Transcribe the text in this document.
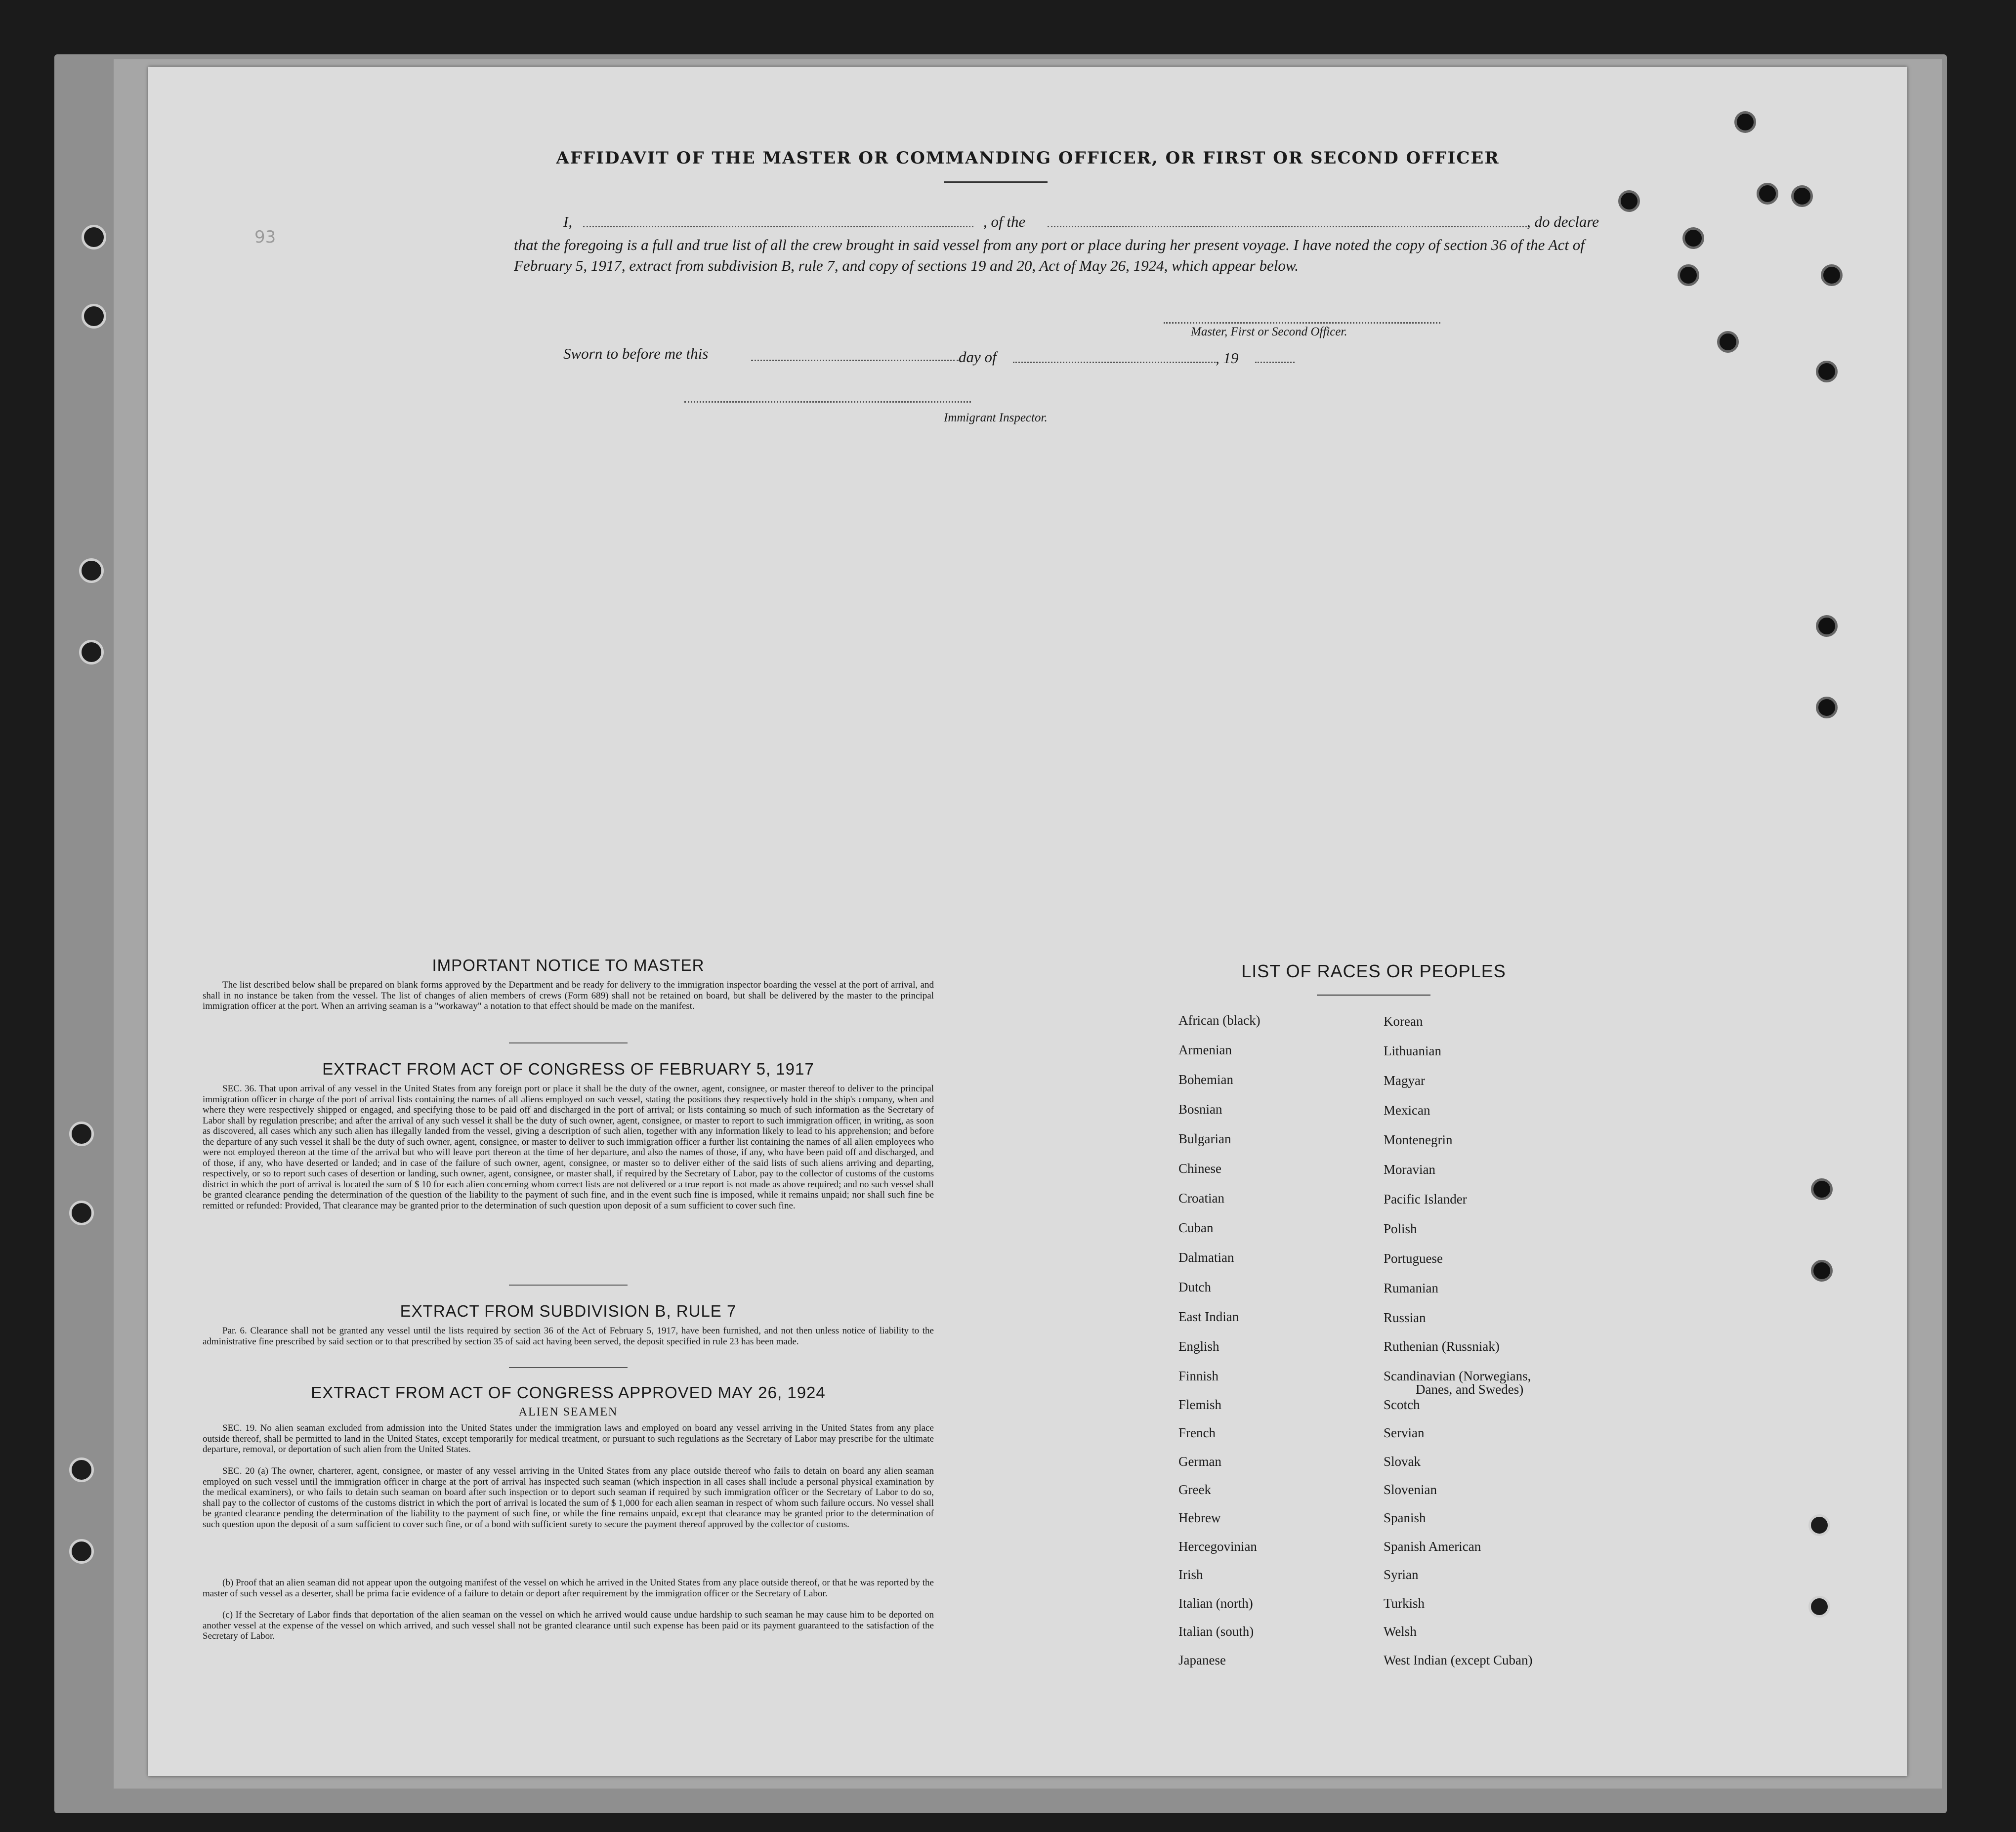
93
AFFIDAVIT OF THE MASTER OR COMMANDING OFFICER, OR FIRST OR SECOND OFFICER
I,	, of the	, do declare
that the foregoing is a full and true list of all the crew brought in said vessel from any port or place during her present voyage. I have noted the copy of section 36 of the Act of February 5, 1917, extract from subdivision B, rule 7, and copy of sections 19 and 20, Act of May 26, 1924, which appear below.
Master, First or Second Officer.
Sworn to before me this	day of	, 19
Immigrant Inspector.
IMPORTANT NOTICE TO MASTER
The list described below shall be prepared on blank forms approved by the Department and be ready for delivery to the immigration inspector boarding the vessel at the port of arrival, and shall in no instance be taken from the vessel. The list of changes of alien members of crews (Form 689) shall not be retained on board, but shall be delivered by the master to the principal immigration officer at the port. When an arriving seaman is a "workaway" a notation to that effect should be made on the manifest.
EXTRACT FROM ACT OF CONGRESS OF FEBRUARY 5, 1917
SEC. 36. That upon arrival of any vessel in the United States from any foreign port or place it shall be the duty of the owner, agent, consignee, or master thereof to deliver to the principal immigration officer in charge of the port of arrival lists containing the names of all aliens employed on such vessel, stating the positions they respectively hold in the ship's company, when and where they were respectively shipped or engaged, and specifying those to be paid off and discharged in the port of arrival; or lists containing so much of such information as the Secretary of Labor shall by regulation prescribe; and after the arrival of any such vessel it shall be the duty of such owner, agent, consignee, or master to report to such immigration officer, in writing, as soon as discovered, all cases which any such alien has illegally landed from the vessel, giving a description of such alien, together with any information likely to lead to his apprehension; and before the departure of any such vessel it shall be the duty of such owner, agent, consignee, or master to deliver to such immigration officer a further list containing the names of all alien employees who were not employed thereon at the time of the arrival but who will leave port thereon at the time of her departure, and also the names of those, if any, who have been paid off and discharged, and of those, if any, who have deserted or landed; and in case of the failure of such owner, agent, consignee, or master so to deliver either of the said lists of such aliens arriving and departing, respectively, or so to report such cases of desertion or landing, such owner, agent, consignee, or master shall, if required by the Secretary of Labor, pay to the collector of customs of the customs district in which the port of arrival is located the sum of $ 10 for each alien concerning whom correct lists are not delivered or a true report is not made as above required; and no such vessel shall be granted clearance pending the determination of the question of the liability to the payment of such fine, and in the event such fine is imposed, while it remains unpaid; nor shall such fine be remitted or refunded: Provided, That clearance may be granted prior to the determination of such question upon deposit of a sum sufficient to cover such fine.
EXTRACT FROM SUBDIVISION B, RULE 7
Par. 6. Clearance shall not be granted any vessel until the lists required by section 36 of the Act of February 5, 1917, have been furnished, and not then unless notice of liability to the administrative fine prescribed by said section or to that prescribed by section 35 of said act having been served, the deposit specified in rule 23 has been made.
EXTRACT FROM ACT OF CONGRESS APPROVED MAY 26, 1924
ALIEN SEAMEN
SEC. 19. No alien seaman excluded from admission into the United States under the immigration laws and employed on board any vessel arriving in the United States from any place outside thereof, shall be permitted to land in the United States, except temporarily for medical treatment, or pursuant to such regulations as the Secretary of Labor may prescribe for the ultimate departure, removal, or deportation of such alien from the United States.
SEC. 20 (a) The owner, charterer, agent, consignee, or master of any vessel arriving in the United States from any place outside thereof who fails to detain on board any alien seaman employed on such vessel until the immigration officer in charge at the port of arrival has inspected such seaman (which inspection in all cases shall include a personal physical examination by the medical examiners), or who fails to detain such seaman on board after such inspection or to deport such seaman if required by such immigration officer or the Secretary of Labor to do so, shall pay to the collector of customs of the customs district in which the port of arrival is located the sum of $ 1,000 for each alien seaman in respect of whom such failure occurs. No vessel shall be granted clearance pending the determination of the liability to the payment of such fine, or while the fine remains unpaid, except that clearance may be granted prior to the determination of such question upon the deposit of a sum sufficient to cover such fine, or of a bond with sufficient surety to secure the payment thereof approved by the collector of customs.
(b) Proof that an alien seaman did not appear upon the outgoing manifest of the vessel on which he arrived in the United States from any place outside thereof, or that he was reported by the master of such vessel as a deserter, shall be prima facie evidence of a failure to detain or deport after requirement by the immigration officer or the Secretary of Labor.
(c) If the Secretary of Labor finds that deportation of the alien seaman on the vessel on which he arrived would cause undue hardship to such seaman he may cause him to be deported on another vessel at the expense of the vessel on which arrived, and such vessel shall not be granted clearance until such expense has been paid or its payment guaranteed to the satisfaction of the Secretary of Labor.
LIST OF RACES OR PEOPLES
African (black)
Armenian
Bohemian
Bosnian
Bulgarian
Chinese
Croatian
Cuban
Dalmatian
Dutch
East Indian
English
Finnish
Flemish
French
German
Greek
Hebrew
Hercegovinian
Irish
Italian (north)
Italian (south)
Japanese
Korean
Lithuanian
Magyar
Mexican
Montenegrin
Moravian
Pacific Islander
Polish
Portuguese
Rumanian
Russian
Ruthenian (Russniak)
Scandinavian (Norwegians,
Danes, and Swedes)
Scotch
Servian
Slovak
Slovenian
Spanish
Spanish American
Syrian
Turkish
Welsh
West Indian (except Cuban)
